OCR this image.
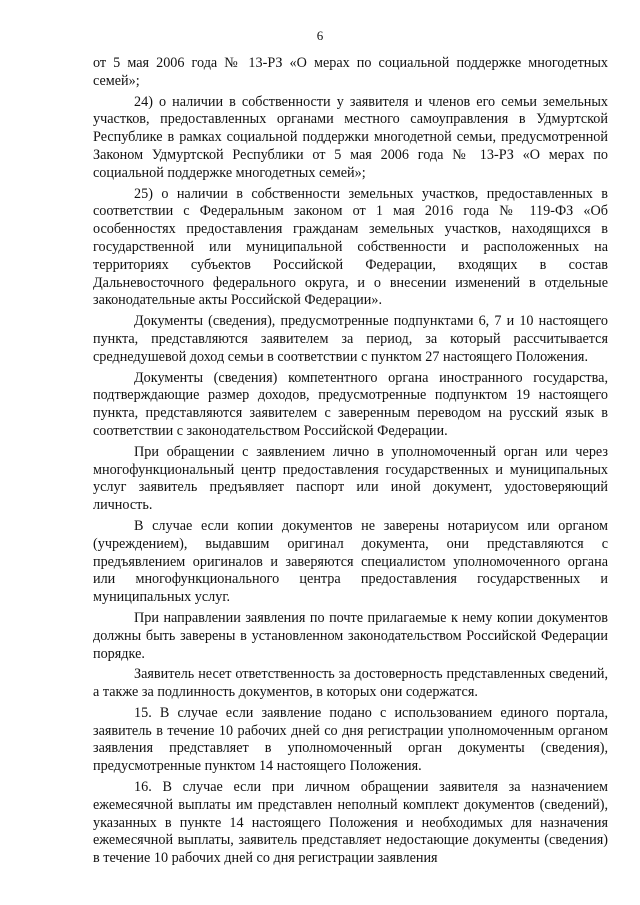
6

от 5 мая 2006 года № 13-РЗ «О мерах по социальной поддержке многодетных семей»;

24) о наличии в собственности у заявителя и членов его семьи земельных участков, предоставленных органами местного самоуправления в Удмуртской Республике в рамках социальной поддержки многодетной семьи, предусмотренной Законом Удмуртской Республики от 5 мая 2006 года № 13-РЗ «О мерах по социальной поддержке многодетных семей»;

25) о наличии в собственности земельных участков, предоставленных в соответствии с Федеральным законом от 1 мая 2016 года № 119-ФЗ «Об особенностях предоставления гражданам земельных участков, находящихся в государственной или муниципальной собственности и расположенных на территориях субъектов Российской Федерации, входящих в состав Дальневосточного федерального округа, и о внесении изменений в отдельные законодательные акты Российской Федерации».

Документы (сведения), предусмотренные подпунктами 6, 7 и 10 настоящего пункта, представляются заявителем за период, за который рассчитывается среднедушевой доход семьи в соответствии с пунктом 27 настоящего Положения.

Документы (сведения) компетентного органа иностранного государства, подтверждающие размер доходов, предусмотренные подпунктом 19 настоящего пункта, представляются заявителем с заверенным переводом на русский язык в соответствии с законодательством Российской Федерации.

При обращении с заявлением лично в уполномоченный орган или через многофункциональный центр предоставления государственных и муниципальных услуг заявитель предъявляет паспорт или иной документ, удостоверяющий личность.

В случае если копии документов не заверены нотариусом или органом (учреждением), выдавшим оригинал документа, они представляются с предъявлением оригиналов и заверяются специалистом уполномоченного органа или многофункционального центра предоставления государственных и муниципальных услуг.

При направлении заявления по почте прилагаемые к нему копии документов должны быть заверены в установленном законодательством Российской Федерации порядке.

Заявитель несет ответственность за достоверность представленных сведений, а также за подлинность документов, в которых они содержатся.

15. В случае если заявление подано с использованием единого портала, заявитель в течение 10 рабочих дней со дня регистрации уполномоченным органом заявления представляет в уполномоченный орган документы (сведения), предусмотренные пунктом 14 настоящего Положения.

16. В случае если при личном обращении заявителя за назначением ежемесячной выплаты им представлен неполный комплект документов (сведений), указанных в пункте 14 настоящего Положения и необходимых для назначения ежемесячной выплаты, заявитель представляет недостающие документы (сведения) в течение 10 рабочих дней со дня регистрации заявления
